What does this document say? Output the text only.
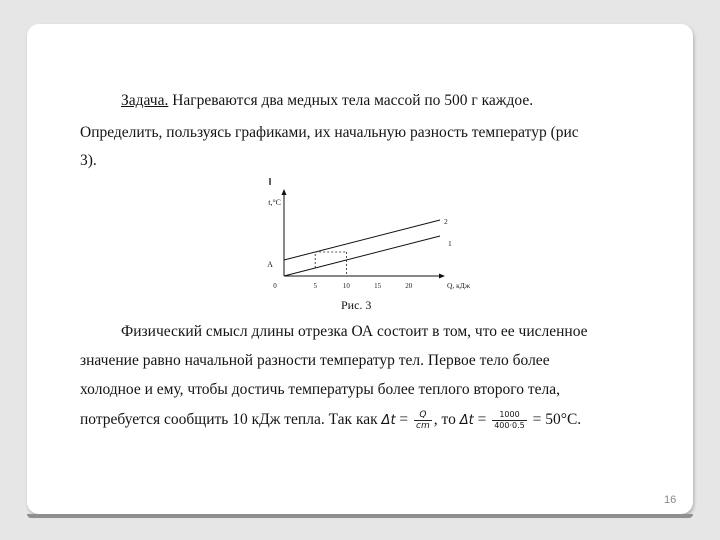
Задача. Нагреваются два медных тела массой по 500 г каждое.
Определить, пользуясь графиками, их начальную разность температур (рис
3).
0	5	10	15	20
t,°C
Q, кДж
A
2
1
Рис. 3
Физический смысл длины отрезка ОА состоит в том, что ее численное
значение равно начальной разности температур тел. Первое тело более
холодное и ему, чтобы достичь температуры более теплого второго тела,
потребуется сообщить 10 кДж тепла. Так как $\Delta t = \frac{Q}{cm}$ , то $\Delta t = \frac{1000}{400\cdot 0.5} = 50^\circ C$.
16
